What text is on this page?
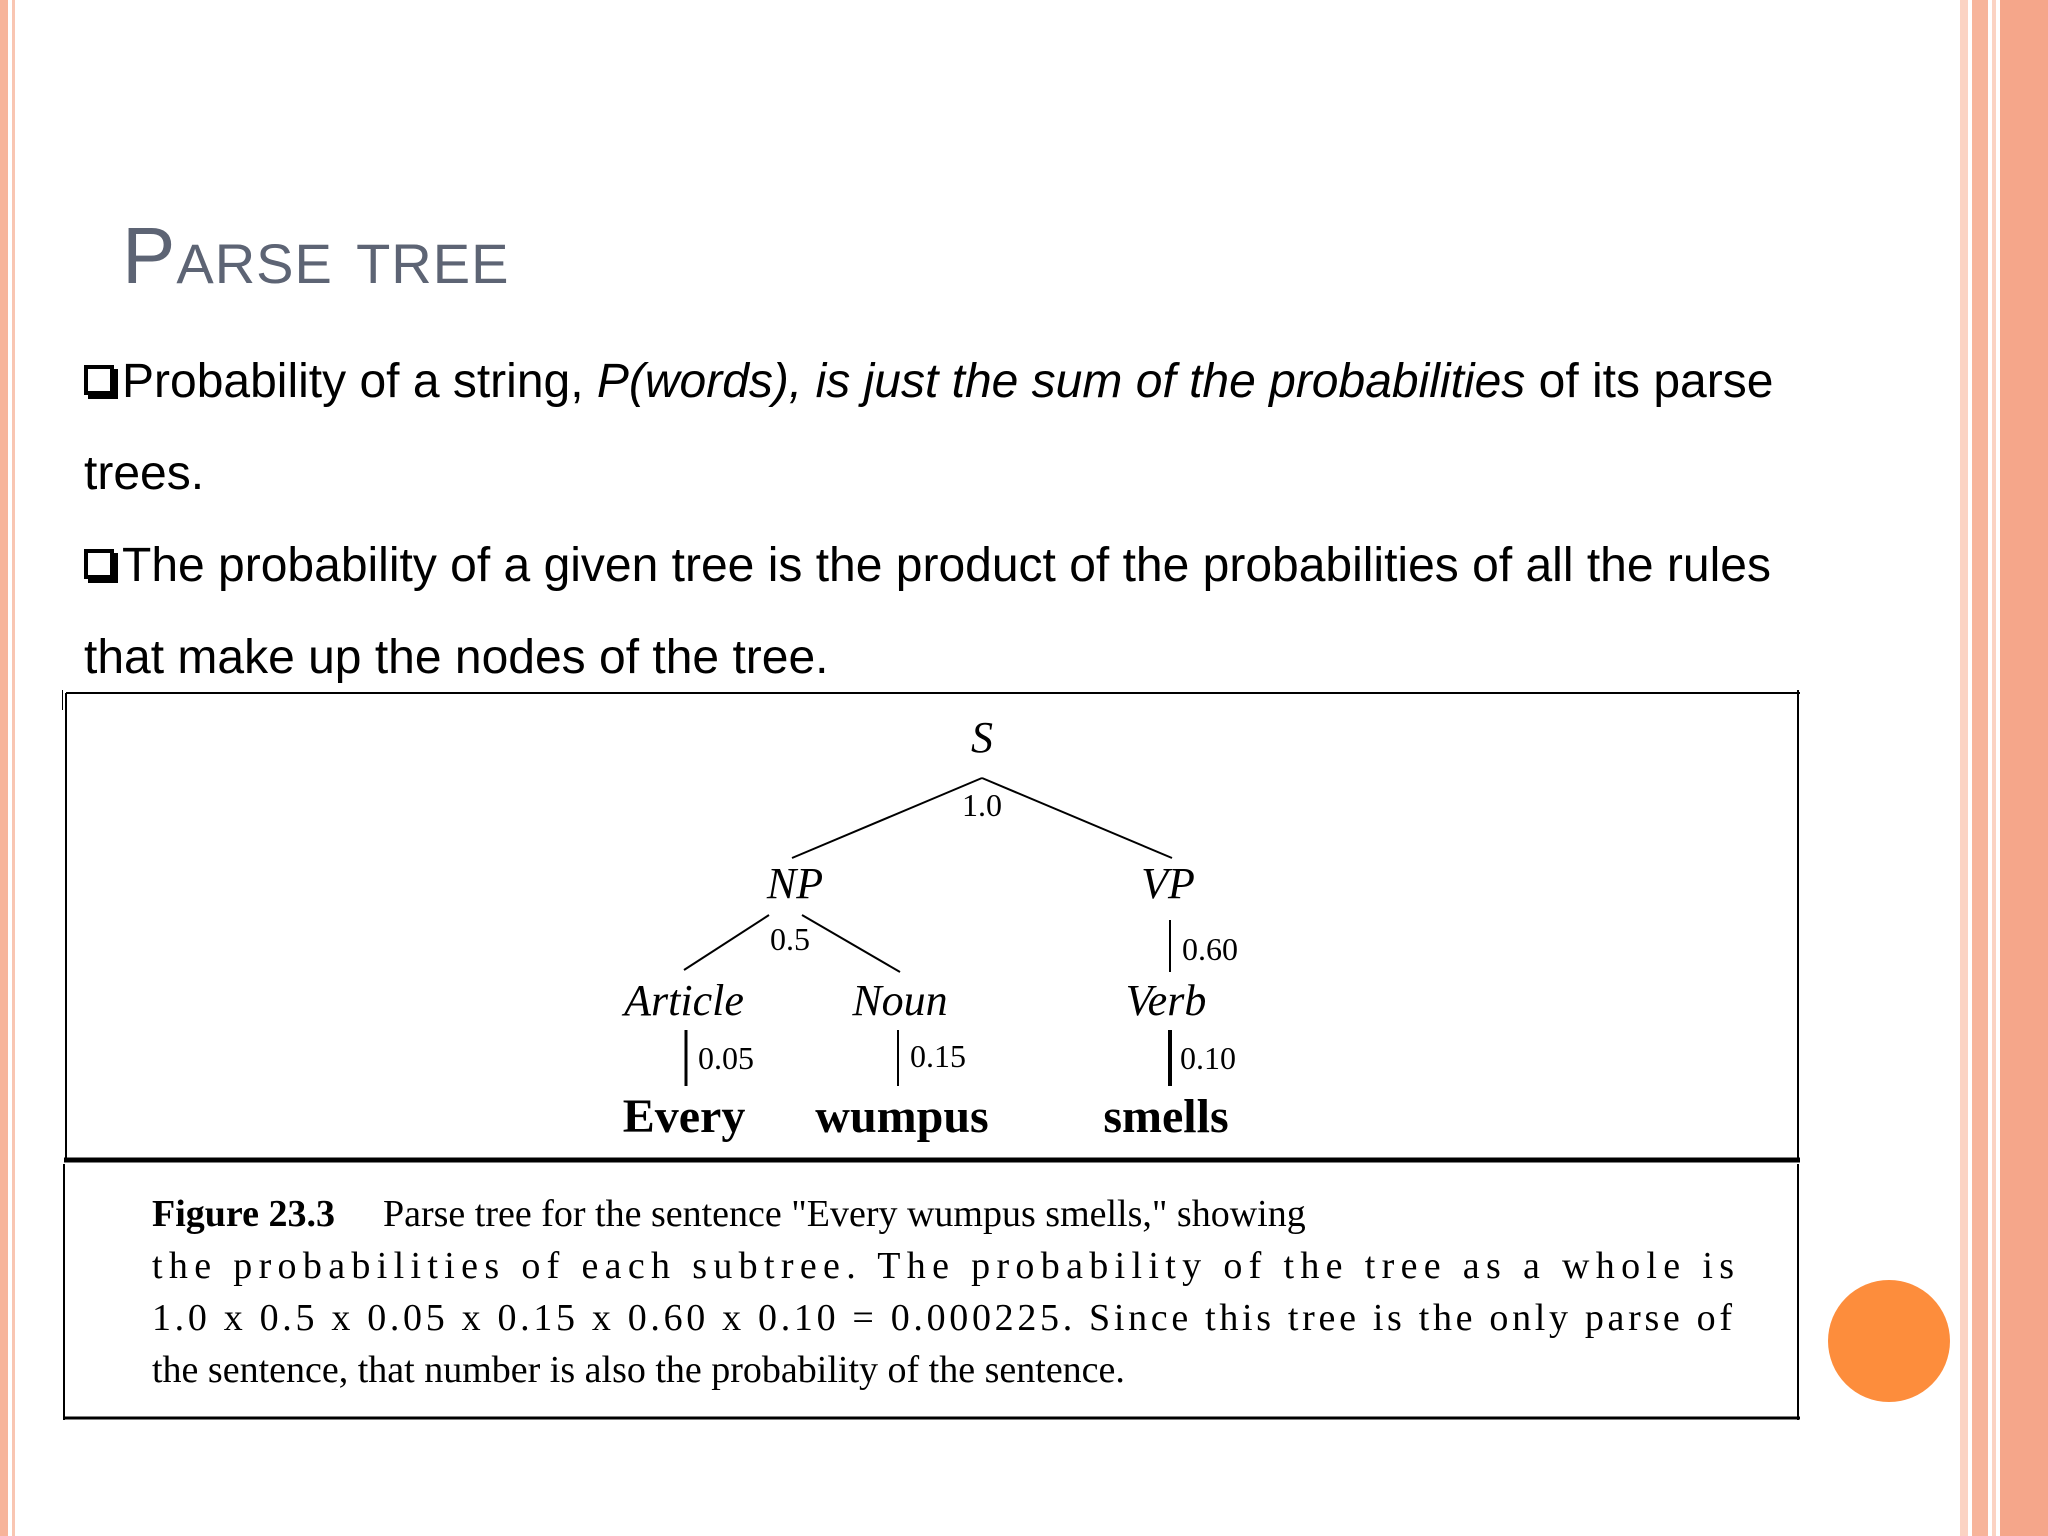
Parse tree
Probability of a string, P(words), is just the sum of the probabilities of its parse trees.
The probability of a given tree is the product of the probabilities of all the rules that make up the nodes of the tree.
S
NP	VP
Article Noun	Verb
1.0
0.5	0.60
0.05	0.15	0.10
Every wumpus smells
Figure 23.3 Parse tree for the sentence "Every wumpus smells," showing
the probabilities of each subtree. The probability of the tree as a whole is
1.0 x 0.5 x 0.05 x 0.15 x 0.60 x 0.10 = 0.000225. Since this tree is the only parse of
the sentence, that number is also the probability of the sentence.
